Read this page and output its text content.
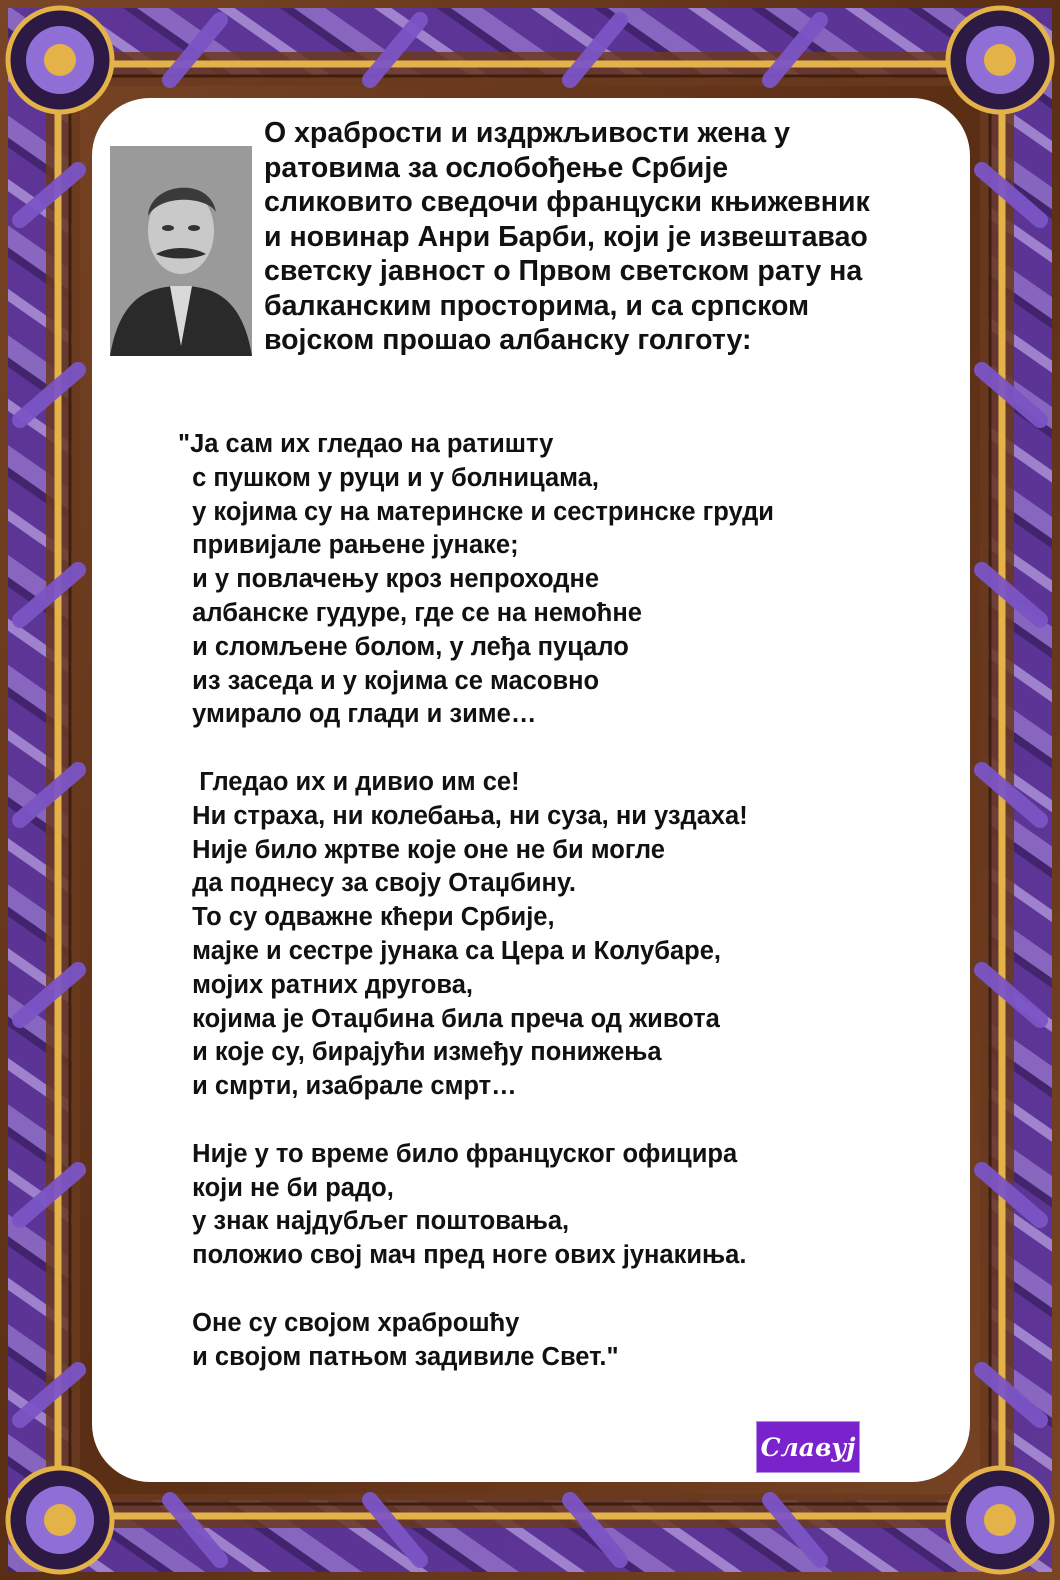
О храбрости и издржљивости жена у
ратовима за ослобођење Србије
сликовито сведочи француски књижевник
и новинар Анри Барби, који је извештавао
светску јавност о Првом светском рату на
балканским просторима, и са српском
војском прошао албанску голготу:
"Ја сам их гледао на ратишту
с пушком у руци и у болницама,
у којима су на материнске и сестринске груди
привијале рањене јунаке;
и у повлачењу кроз непроходне
албанске гудуре, где се на немоћне
и сломљене болом, у леђа пуцало
из заседа и у којима се масовно
умирало од глади и зиме…
Гледао их и дивио им се!
Ни страха, ни колебања, ни суза, ни уздаха!
Није било жртве које оне не би могле
да поднесу за своју Отаџбину.
То су одважне кћери Србије,
мајке и сестре јунака са Цера и Колубаре,
мојих ратних другова,
којима је Отаџбина била преча од живота
и које су, бирајући између понижења
и смрти, изабрале смрт…
Није у то време било француског официра
који не би радо,
у знак најдубљег поштовања,
положио свој мач пред ноге ових јунакиња.
Оне су својом храброшћу
и својом патњом задивиле Свет."
Славуј
